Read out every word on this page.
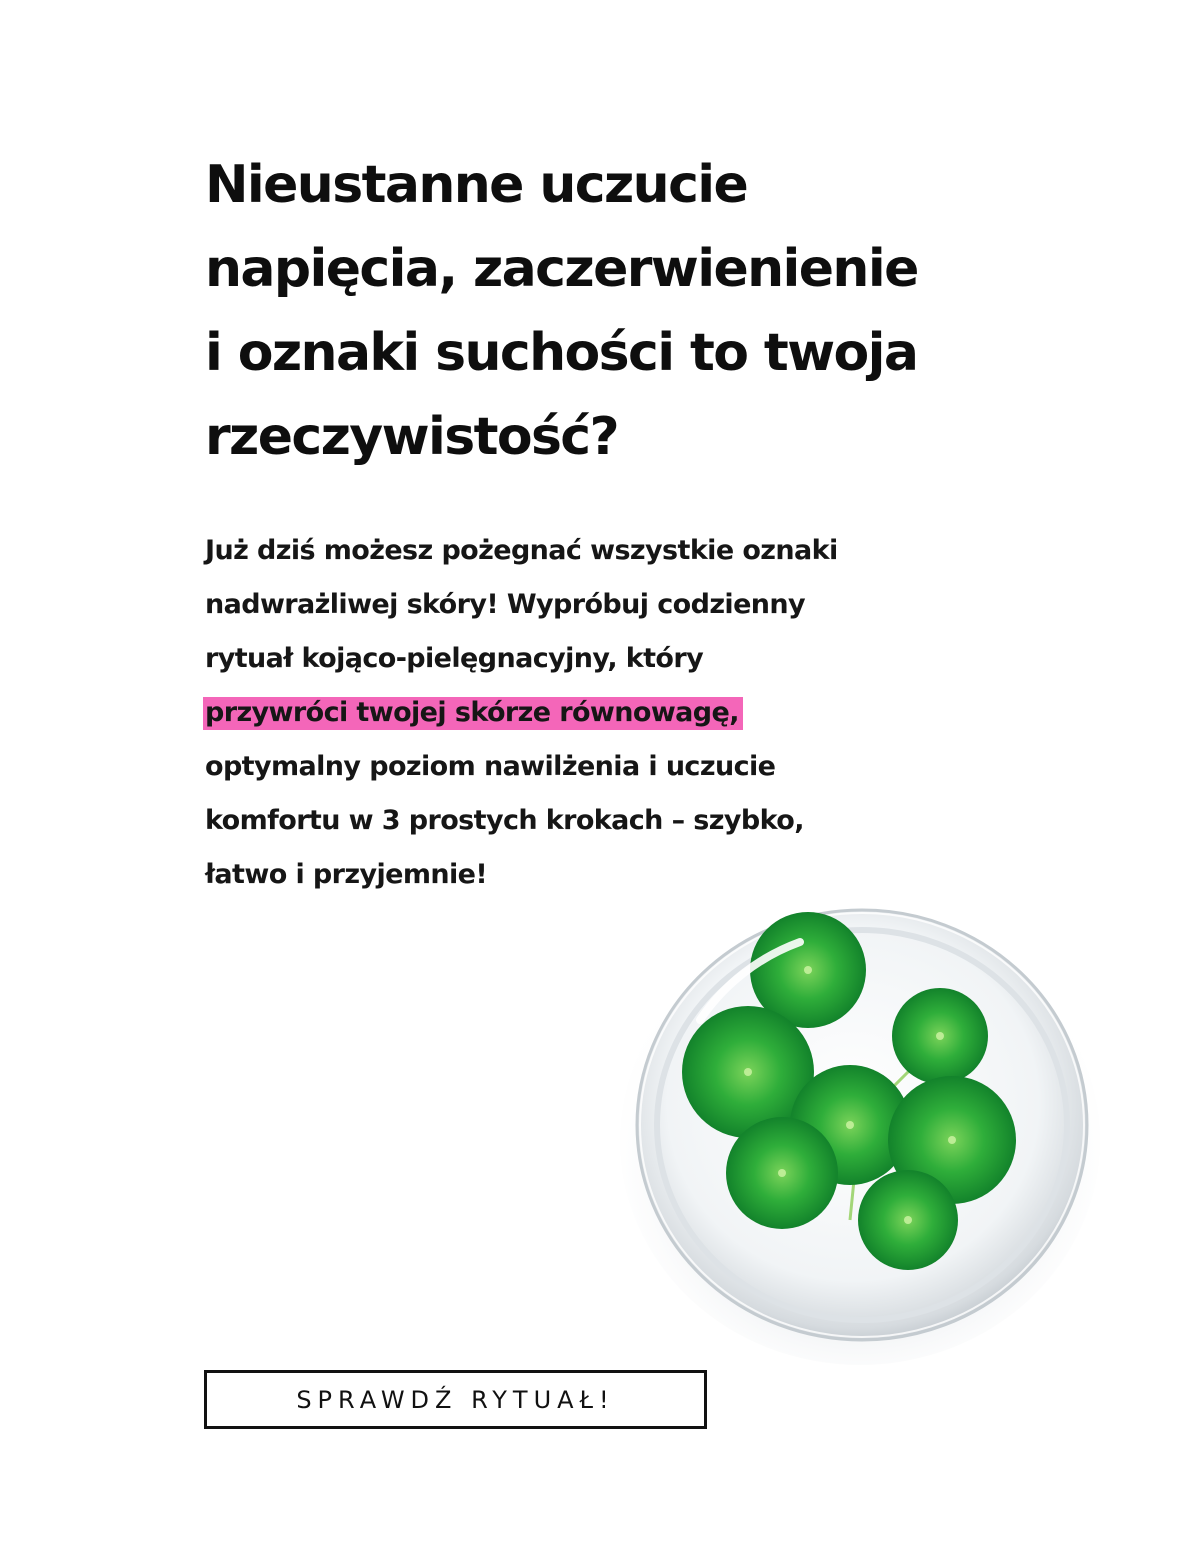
Nieustanne uczucie
napięcia, zaczerwienienie
i oznaki suchości to twoja
rzeczywistość?

Już dziś możesz pożegnać wszystkie oznaki
nadwrażliwej skóry! Wypróbuj codzienny
rytuał kojąco-pielęgnacyjny, który
przywróci twojej skórze równowagę,
optymalny poziom nawilżenia i uczucie
komfortu w 3 prostych krokach – szybko,
łatwo i przyjemnie!

SPRAWDŹ RYTUAŁ!
